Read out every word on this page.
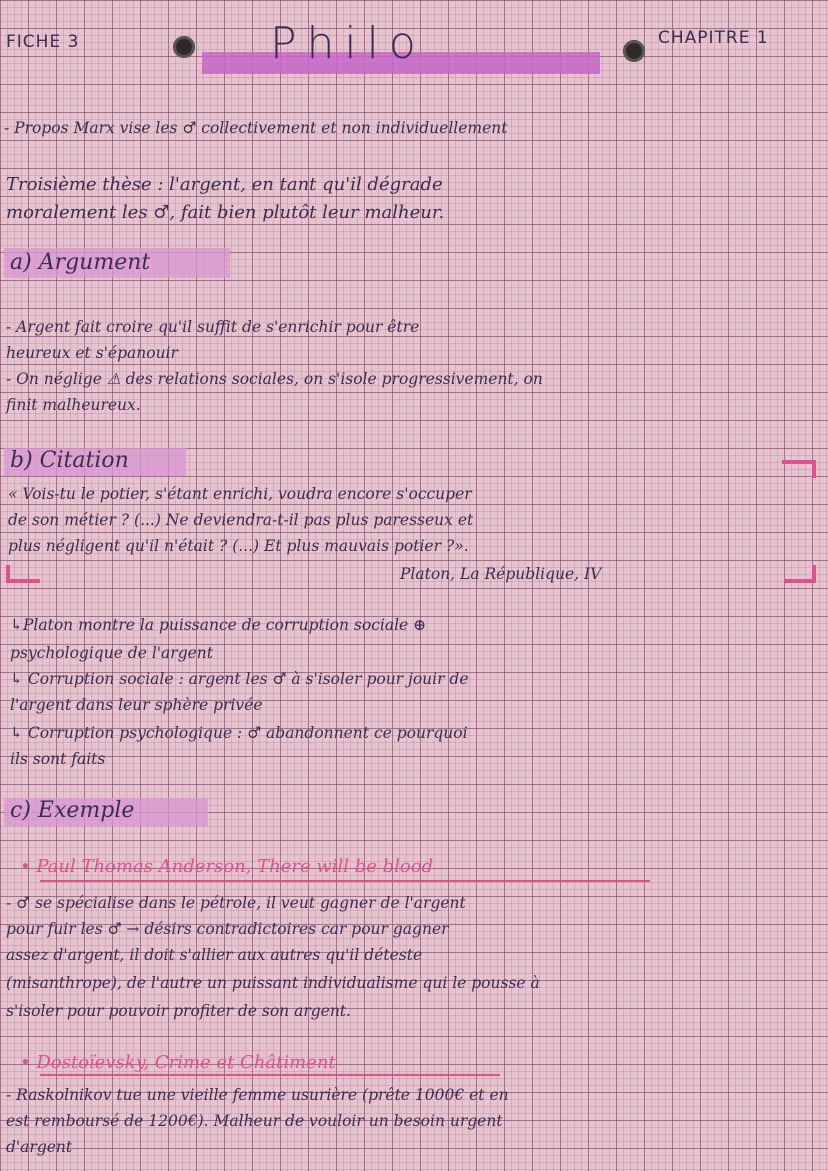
FICHE 3	Philo	CHAPITRE 1
- Propos Marx vise les ♂ collectivement et non individuellement
Troisième thèse : l'argent, en tant qu'il dégrade
moralement les ♂, fait bien plutôt leur malheur.
a) Argument
- Argent fait croire qu'il suffit de s'enrichir pour être
heureux et s'épanouir
- On néglige ⚠ des relations sociales, on s'isole progressivement, on
finit malheureux.
b) Citation
« Vois-tu le potier, s'étant enrichi, voudra encore s'occuper
de son métier ? (...) Ne deviendra-t-il pas plus paresseux et
plus négligent qu'il n'était ? (...) Et plus mauvais potier ?».
Platon, La République, IV
↳Platon montre la puissance de corruption sociale ⊕
psychologique de l'argent
↳ Corruption sociale : argent les ♂ à s'isoler pour jouir de
l'argent dans leur sphère privée
↳ Corruption psychologique : ♂ abandonnent ce pourquoi
ils sont faits
c) Exemple
• Paul Thomas Anderson, There will be blood
- ♂ se spécialise dans le pétrole, il veut gagner de l'argent
pour fuir les ♂ → désirs contradictoires car pour gagner
assez d'argent, il doit s'allier aux autres qu'il déteste
(misanthrope), de l'autre un puissant individualisme qui le pousse à
s'isoler pour pouvoir profiter de son argent.
• Dostoïevsky, Crime et Châtiment
- Raskolnikov tue une vieille femme usurière (prête 1000€ et en
est remboursé de 1200€). Malheur de vouloir un besoin urgent
d'argent
